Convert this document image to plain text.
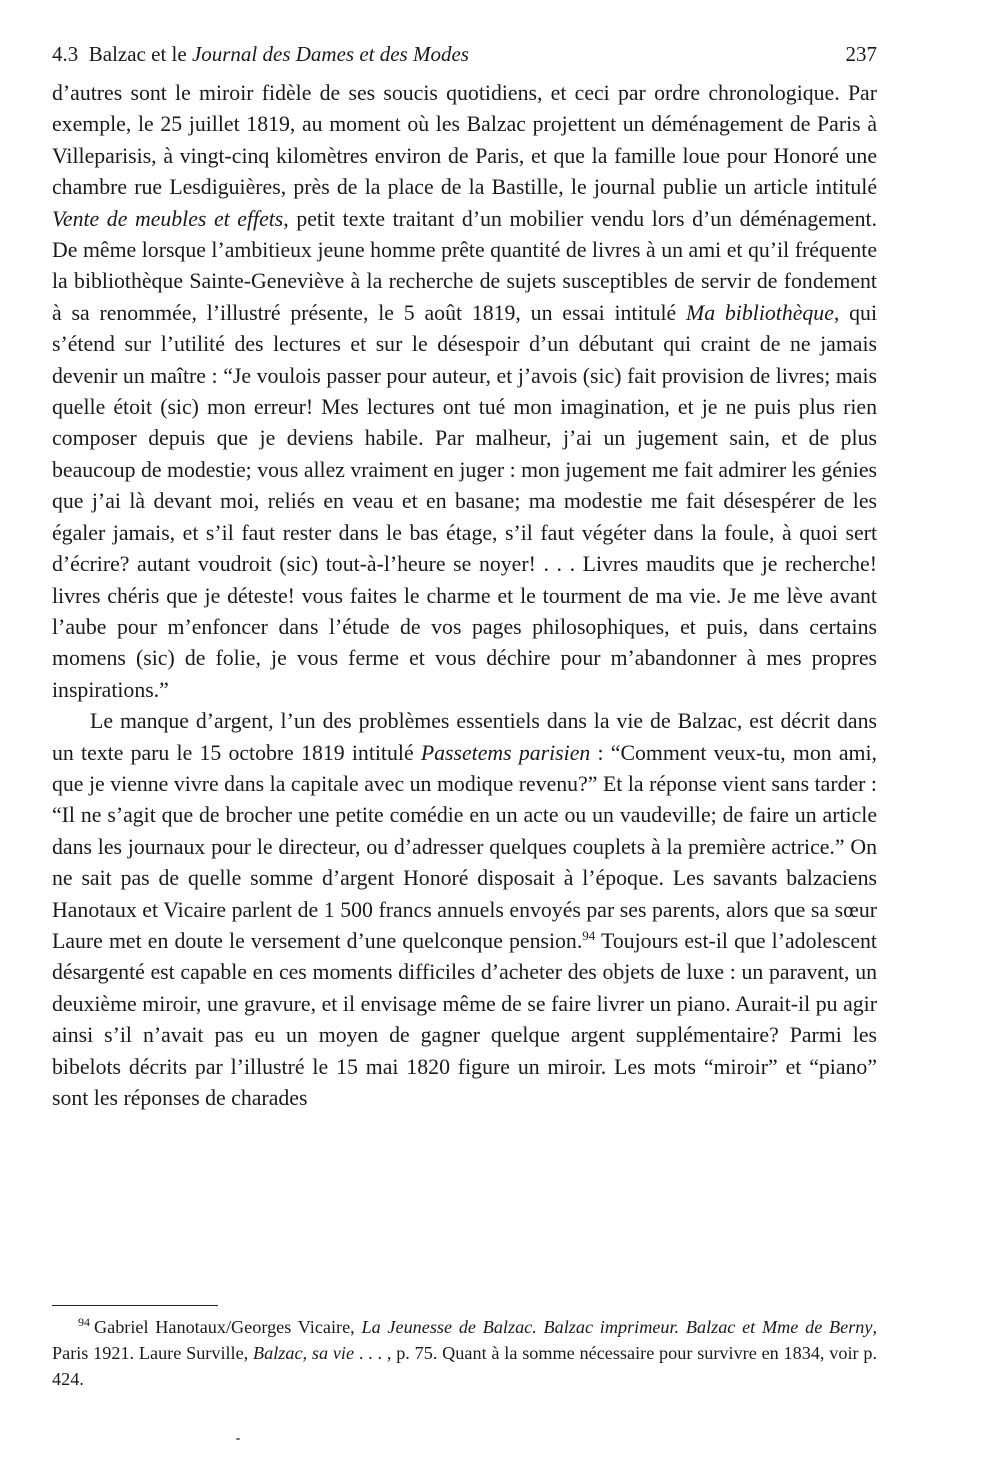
4.3 Balzac et le Journal des Dames et des Modes	237

d’autres sont le miroir fidèle de ses soucis quotidiens, et ceci par ordre chronologique. Par exemple, le 25 juillet 1819, au moment où les Balzac projettent un déménagement de Paris à Villeparisis, à vingt-cinq kilomètres environ de Paris, et que la famille loue pour Honoré une chambre rue Lesdiguières, près de la place de la Bastille, le journal publie un article intitulé Vente de meubles et effets, petit texte traitant d’un mobilier vendu lors d’un déménagement. De même lorsque l’ambitieux jeune homme prête quantité de livres à un ami et qu’il fréquente la bibliothèque Sainte-Geneviève à la recherche de sujets susceptibles de servir de fondement à sa renommée, l’illustré présente, le 5 août 1819, un essai intitulé Ma bibliothèque, qui s’étend sur l’utilité des lectures et sur le désespoir d’un débutant qui craint de ne jamais devenir un maître : “Je voulois passer pour auteur, et j’avois (sic) fait provision de livres; mais quelle étoit (sic) mon erreur! Mes lectures ont tué mon imagination, et je ne puis plus rien composer depuis que je deviens habile. Par malheur, j’ai un jugement sain, et de plus beaucoup de modestie; vous allez vraiment en juger : mon jugement me fait admirer les génies que j’ai là devant moi, reliés en veau et en basane; ma modestie me fait désespérer de les égaler jamais, et s’il faut rester dans le bas étage, s’il faut végéter dans la foule, à quoi sert d’écrire? autant voudroit (sic) tout-à-l’heure se noyer! . . . Livres maudits que je recherche! livres chéris que je déteste! vous faites le charme et le tourment de ma vie. Je me lève avant l’aube pour m’enfoncer dans l’étude de vos pages philosophiques, et puis, dans certains momens (sic) de folie, je vous ferme et vous déchire pour m’abandonner à mes propres inspirations.”

Le manque d’argent, l’un des problèmes essentiels dans la vie de Balzac, est décrit dans un texte paru le 15 octobre 1819 intitulé Passetems parisien : “Comment veux-tu, mon ami, que je vienne vivre dans la capitale avec un modique revenu?” Et la réponse vient sans tarder : “Il ne s’agit que de brocher une petite comédie en un acte ou un vaudeville; de faire un article dans les journaux pour le directeur, ou d’adresser quelques couplets à la première actrice.” On ne sait pas de quelle somme d’argent Honoré disposait à l’époque. Les savants balzaciens Hanotaux et Vicaire parlent de 1 500 francs annuels envoyés par ses parents, alors que sa sœur Laure met en doute le versement d’une quelconque pension.$^{94}$ Toujours est-il que l’adolescent désargenté est capable en ces moments difficiles d’acheter des objets de luxe : un paravent, un deuxième miroir, une gravure, et il envisage même de se faire livrer un piano. Aurait-il pu agir ainsi s’il n’avait pas eu un moyen de gagner quelque argent supplémentaire? Parmi les bibelots décrits par l’illustré le 15 mai 1820 figure un miroir. Les mots “miroir” et “piano” sont les réponses de charades

$^{94}$ Gabriel Hanotaux/Georges Vicaire, La Jeunesse de Balzac. Balzac imprimeur. Balzac et Mme de Berny, Paris 1921. Laure Surville, Balzac, sa vie . . . , p. 75. Quant à la somme nécessaire pour survivre en 1834, voir p. 424.
